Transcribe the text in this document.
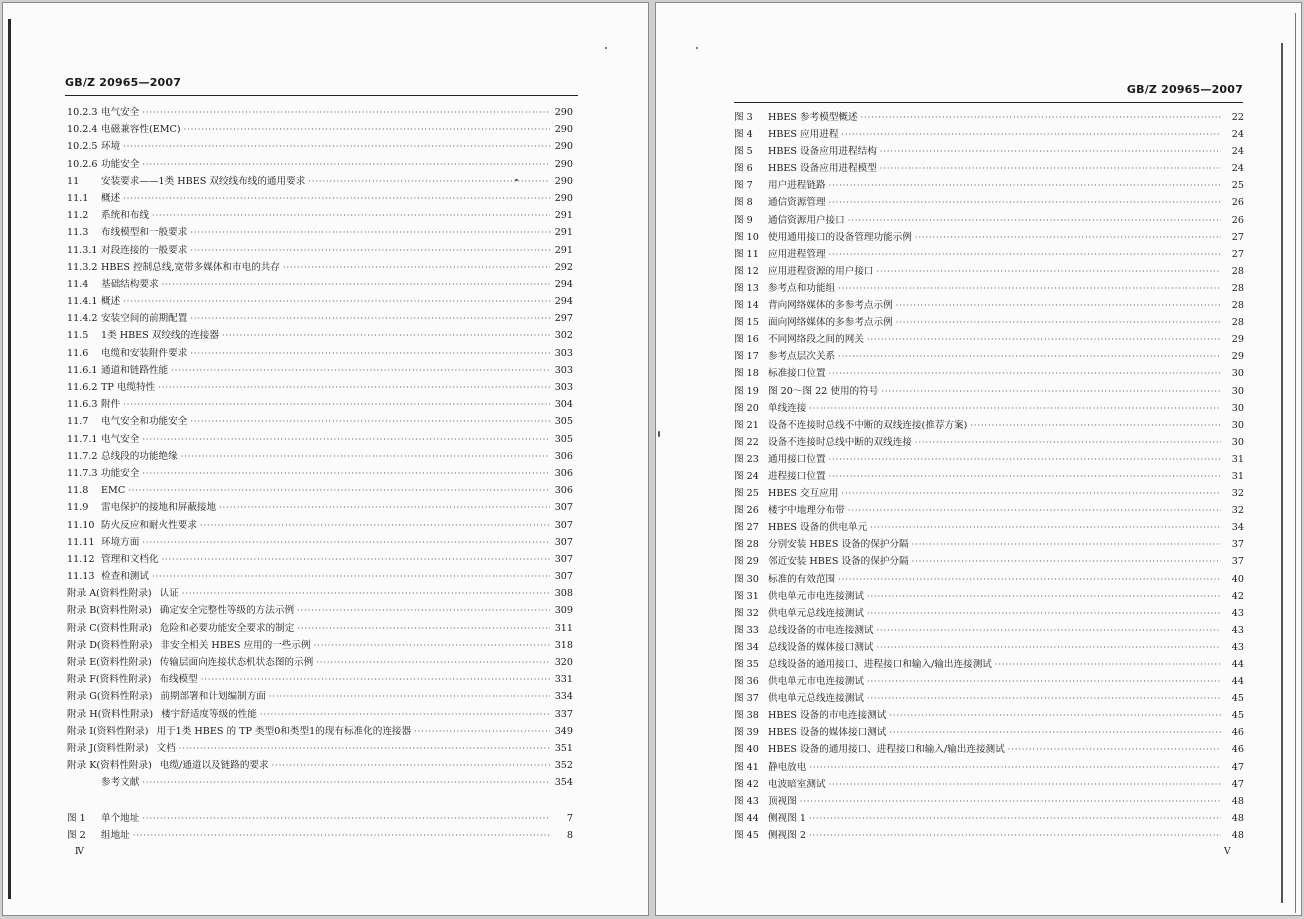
GB/Z 20965—2007
10.2.3 电气安全 ·····	290
10.2.4 电磁兼容性(EMC) ·····	290
10.2.5 环境 ·····	290
10.2.6 功能安全 ·····	290
11	安装要求——1类 HBES 双绞线布线的通用要求 ·····	290
11.1	概述 ·····	290
11.2	系统和布线 ·····	291
11.3	布线模型和一般要求 ·····	291
11.3.1 对段连接的一般要求 ·····	291
11.3.2 HBES 控制总线,宽带多媒体和市电的共存 ·····	292
11.4	基础结构要求 ·····	294
11.4.1 概述 ·····	294
11.4.2 安装空间的前期配置 ·····	297
11.5	1类 HBES 双绞线的连接器 ·····	302
11.6	电缆和安装附件要求 ·····	303
11.6.1 通道和链路性能 ·····	303
11.6.2 TP 电缆特性 ·····	303
11.6.3 附件 ·····	304
11.7	电气安全和功能安全 ·····	305
11.7.1 电气安全 ·····	305
11.7.2 总线段的功能绝缘 ·····	306
11.7.3 功能安全 ·····	306
11.8	EMC ·····	306
11.9	雷电保护的接地和屏蔽接地 ·····	307
11.10 防火反应和耐火性要求 ·····	307
11.11 环境方面 ·····	307
11.12 管理和文档化 ·····	307
11.13 检查和测试 ·····	307
附录 A(资料性附录) 认证 ·····	308
附录 B(资料性附录) 确定安全完整性等级的方法示例 ·····	309
附录 C(资料性附录) 危险和必要功能安全要求的制定 ·····	311
附录 D(资料性附录) 非安全相关 HBES 应用的一些示例 ·····	318
附录 E(资料性附录) 传输层面向连接状态机状态图的示例 ·····	320
附录 F(资料性附录) 布线模型 ·····	331
附录 G(资料性附录) 前期部署和计划编制方面 ·····	334
附录 H(资料性附录) 楼宇舒适度等级的性能 ·····	337
附录 I(资料性附录) 用于1类 HBES 的 TP 类型0和类型1的现有标准化的连接器 ·····	349
附录 J(资料性附录) 文档 ·····	351
附录 K(资料性附录) 电缆/通道以及链路的要求 ·····	352
参考文献 ·····	354
图 1	单个地址 ·····	7
图 2	组地址 ·····	8
Ⅳ
GB/Z 20965—2007
图 3	HBES 参考模型概述 ·····	22
图 4	HBES 应用进程 ·····	24
图 5	HBES 设备应用进程结构 ·····	24
图 6	HBES 设备应用进程模型 ·····	24
图 7	用户进程链路 ·····	25
图 8	通信资源管理 ·····	26
图 9	通信资源用户接口 ·····	26
图 10 使用通用接口的设备管理功能示例 ·····	27
图 11 应用进程管理 ·····	27
图 12 应用进程资源的用户接口 ·····	28
图 13 参考点和功能组 ·····	28
图 14 背向网络媒体的多参考点示例 ·····	28
图 15 面向网络媒体的多参考点示例 ·····	28
图 16 不同网络段之间的网关 ·····	29
图 17 参考点层次关系 ·····	29
图 18 标准接口位置 ·····	30
图 19 图 20～图 22 使用的符号 ·····	30
图 20 单线连接 ·····	30
图 21 设备不连接时总线不中断的双线连接(推荐方案) ·····	30
图 22 设备不连接时总线中断的双线连接 ·····	30
图 23 通用接口位置 ·····	31
图 24 进程接口位置 ·····	31
图 25 HBES 交互应用 ·····	32
图 26 楼宇中地理分布带 ·····	32
图 27 HBES 设备的供电单元 ·····	34
图 28 分别安装 HBES 设备的保护分隔 ·····	37
图 29 邻近安装 HBES 设备的保护分隔 ·····	37
图 30 标准的有效范围 ·····	40
图 31 供电单元市电连接测试 ·····	42
图 32 供电单元总线连接测试 ·····	43
图 33 总线设备的市电连接测试 ·····	43
图 34 总线设备的媒体接口测试 ·····	43
图 35 总线设备的通用接口、进程接口和输入/输出连接测试 ·····	44
图 36 供电单元市电连接测试 ·····	44
图 37 供电单元总线连接测试 ·····	45
图 38 HBES 设备的市电连接测试 ·····	45
图 39 HBES 设备的媒体接口测试 ·····	46
图 40 HBES 设备的通用接口、进程接口和输入/输出连接测试 ·····	46
图 41 静电放电 ·····	47
图 42 电波暗室测试 ·····	47
图 43 顶视图 ·····	48
图 44 侧视图 1 ·····	48
图 45 侧视图 2 ·····	48
Ⅴ
